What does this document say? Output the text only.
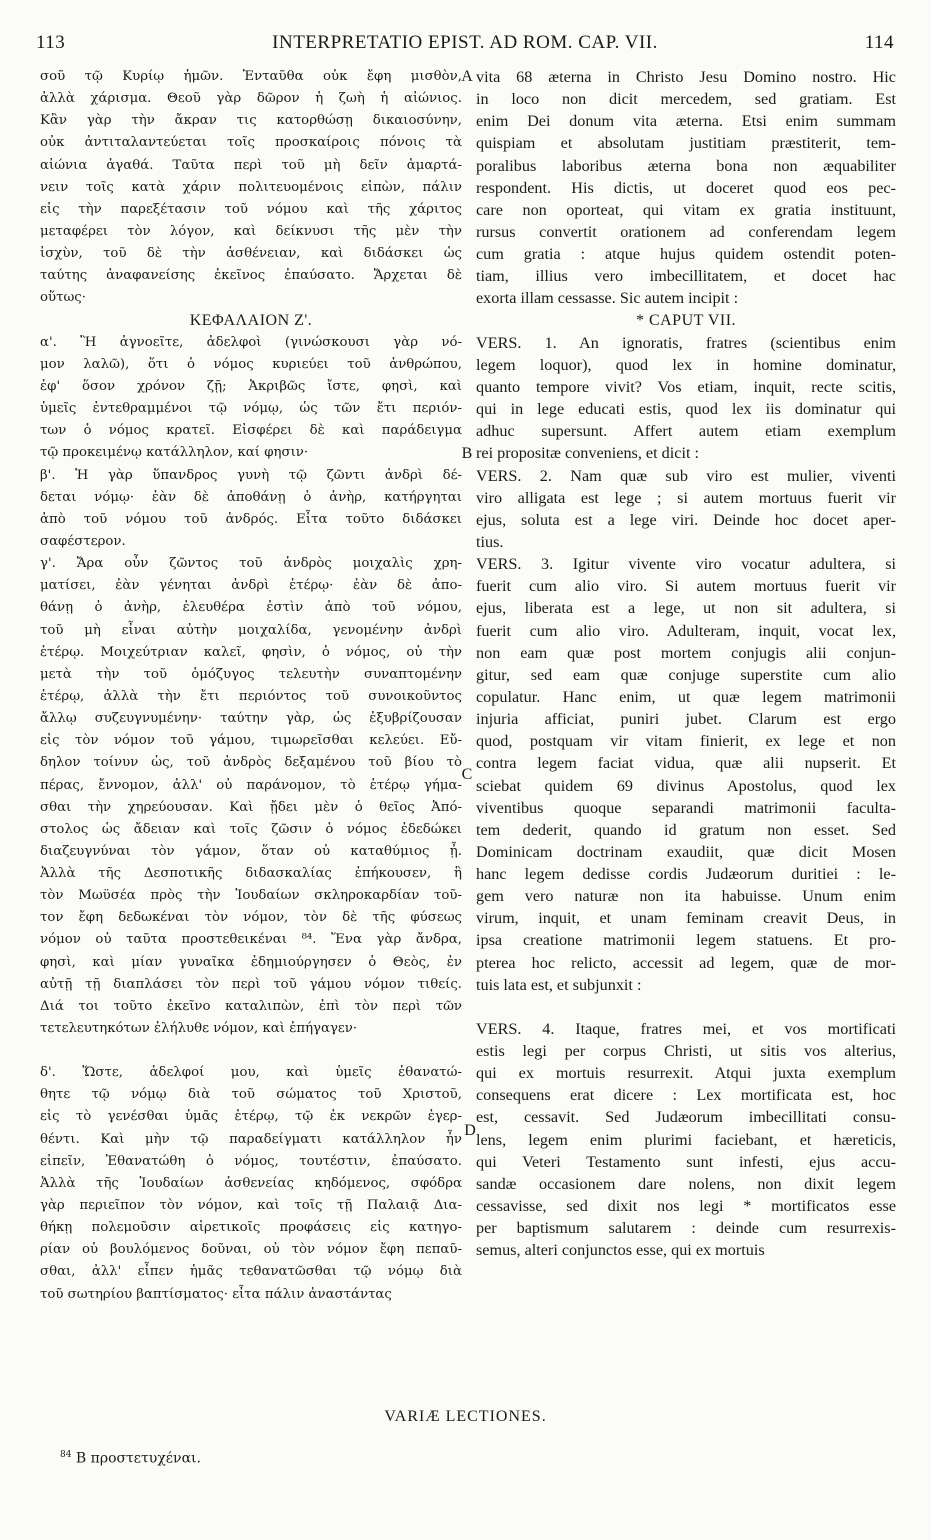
113	INTERPRETATIO EPIST. AD ROM. CAP. VII.	114
σοῦ τῷ Κυρίῳ ἡμῶν. Ἐνταῦθα οὐκ ἔφη μισθὸν,
ἀλλὰ χάρισμα. Θεοῦ γὰρ δῶρον ἡ ζωὴ ἡ αἰώνιος.
Κἂν γὰρ τὴν ἄκραν τις κατορθώσῃ δικαιοσύνην,
οὐκ ἀντιταλαντεύεται τοῖς προσκαίροις πόνοις τὰ
αἰώνια ἀγαθά. Ταῦτα περὶ τοῦ μὴ δεῖν ἁμαρτά-
νειν τοῖς κατὰ χάριν πολιτευομένοις εἰπὼν, πάλιν
εἰς τὴν παρεξέτασιν τοῦ νόμου καὶ τῆς χάριτος
μεταφέρει τὸν λόγον, καὶ δείκνυσι τῆς μὲν τὴν
ἰσχὺν, τοῦ δὲ τὴν ἀσθένειαν, καὶ διδάσκει ὡς
ταύτης ἀναφανείσης ἐκεῖνος ἐπαύσατο. Ἄρχεται δὲ
οὕτως·
ΚΕΦΑΛΑΙΟΝ Ζ'.
α'. Ἢ ἀγνοεῖτε, ἀδελφοὶ (γινώσκουσι γὰρ νό-
μον λαλῶ), ὅτι ὁ νόμος κυριεύει τοῦ ἀνθρώπου,
ἐφ' ὅσον χρόνον ζῇ; Ἀκριβῶς ἴστε, φησὶ, καὶ
ὑμεῖς ἐντεθραμμένοι τῷ νόμῳ, ὡς τῶν ἔτι περιόν-
των ὁ νόμος κρατεῖ. Εἰσφέρει δὲ καὶ παράδειγμα
τῷ προκειμένῳ κατάλληλον, καί φησιν·
β'. Ἡ γὰρ ὕπανδρος γυνὴ τῷ ζῶντι ἀνδρὶ δέ-
δεται νόμῳ· ἐὰν δὲ ἀποθάνῃ ὁ ἀνὴρ, κατήργηται
ἀπὸ τοῦ νόμου τοῦ ἀνδρός. Εἶτα τοῦτο διδάσκει
σαφέστερον.
γ'. Ἄρα οὖν ζῶντος τοῦ ἀνδρὸς μοιχαλὶς χρη-
ματίσει, ἐὰν γένηται ἀνδρὶ ἑτέρῳ· ἐὰν δὲ ἀπο-
θάνῃ ὁ ἀνὴρ, ἐλευθέρα ἐστὶν ἀπὸ τοῦ νόμου,
τοῦ μὴ εἶναι αὐτὴν μοιχαλίδα, γενομένην ἀνδρὶ
ἑτέρῳ. Μοιχεύτριαν καλεῖ, φησὶν, ὁ νόμος, οὐ τὴν
μετὰ τὴν τοῦ ὁμόζυγος τελευτὴν συναπτομένην
ἑτέρῳ, ἀλλὰ τὴν ἔτι περιόντος τοῦ συνοικοῦντος
ἄλλῳ συζευγνυμένην· ταύτην γὰρ, ὡς ἐξυβρίζουσαν
εἰς τὸν νόμον τοῦ γάμου, τιμωρεῖσθαι κελεύει. Εὔ-
δηλον τοίνυν ὡς, τοῦ ἀνδρὸς δεξαμένου τοῦ βίου τὸ
πέρας, ἔννομον, ἀλλ' οὐ παράνομον, τὸ ἑτέρῳ γήμα-
σθαι τὴν χηρεύουσαν. Καὶ ᾔδει μὲν ὁ θεῖος Ἀπό-
στολος ὡς ἄδειαν καὶ τοῖς ζῶσιν ὁ νόμος ἐδεδώκει
διαζευγνύναι τὸν γάμον, ὅταν οὐ καταθύμιος ᾖ.
Ἀλλὰ τῆς Δεσποτικῆς διδασκαλίας ἐπήκουσεν, ἣ
τὸν Μωϋσέα πρὸς τὴν Ἰουδαίων σκληροκαρδίαν τοῦ-
τον ἔφη δεδωκέναι τὸν νόμον, τὸν δὲ τῆς φύσεως
νόμον οὐ ταῦτα προστεθεικέναι ⁸⁴. Ἕνα γὰρ ἄνδρα,
φησὶ, καὶ μίαν γυναῖκα ἐδημιούργησεν ὁ Θεὸς, ἐν
αὐτῇ τῇ διαπλάσει τὸν περὶ τοῦ γάμου νόμον τιθείς.
Διά τοι τοῦτο ἐκεῖνο καταλιπὼν, ἐπὶ τὸν περὶ τῶν
τετελευτηκότων ἐλήλυθε νόμον, καὶ ἐπήγαγεν·
δ'. Ὥστε, ἀδελφοί μου, καὶ ὑμεῖς ἐθανατώ-
θητε τῷ νόμῳ διὰ τοῦ σώματος τοῦ Χριστοῦ,
εἰς τὸ γενέσθαι ὑμᾶς ἑτέρῳ, τῷ ἐκ νεκρῶν ἐγερ-
θέντι. Καὶ μὴν τῷ παραδείγματι κατάλληλον ἦν
εἰπεῖν, Ἐθανατώθη ὁ νόμος, τουτέστιν, ἐπαύσατο.
Ἀλλὰ τῆς Ἰουδαίων ἀσθενείας κηδόμενος, σφόδρα
γὰρ περιεῖπον τὸν νόμον, καὶ τοῖς τῇ Παλαιᾷ Δια-
θήκῃ πολεμοῦσιν αἱρετικοῖς προφάσεις εἰς κατηγο-
ρίαν οὐ βουλόμενος δοῦναι, οὐ τὸν νόμον ἔφη πεπαῦ-
σθαι, ἀλλ' εἶπεν ἡμᾶς τεθανατῶσθαι τῷ νόμῳ διὰ
τοῦ σωτηρίου βαπτίσματος· εἶτα πάλιν ἀναστάντας
vita 68 æterna in Christo Jesu Domino nostro. Hic
in loco non dicit mercedem, sed gratiam. Est
enim Dei donum vita æterna. Etsi enim summam
quispiam et absolutam justitiam præstiterit, tem-
poralibus laboribus æterna bona non æquabiliter
respondent. His dictis, ut doceret quod eos pec-
care non oporteat, qui vitam ex gratia instituunt,
rursus convertit orationem ad conferendam legem
cum gratia : atque hujus quidem ostendit poten-
tiam, illius vero imbecillitatem, et docet hac
exorta illam cessasse. Sic autem incipit :
* CAPUT VII.
VERS. 1. An ignoratis, fratres (scientibus enim
legem loquor), quod lex in homine dominatur,
quanto tempore vivit? Vos etiam, inquit, recte scitis,
qui in lege educati estis, quod lex iis dominatur qui
adhuc supersunt. Affert autem etiam exemplum
rei propositæ conveniens, et dicit :
VERS. 2. Nam quæ sub viro est mulier, viventi
viro alligata est lege ; si autem mortuus fuerit vir
ejus, soluta est a lege viri. Deinde hoc docet aper-
tius.
VERS. 3. Igitur vivente viro vocatur adultera, si
fuerit cum alio viro. Si autem mortuus fuerit vir
ejus, liberata est a lege, ut non sit adultera, si
fuerit cum alio viro. Adulteram, inquit, vocat lex,
non eam quæ post mortem conjugis alii conjun-
gitur, sed eam quæ conjuge superstite cum alio
copulatur. Hanc enim, ut quæ legem matrimonii
injuria afficiat, puniri jubet. Clarum est ergo
quod, postquam vir vitam finierit, ex lege et non
contra legem faciat vidua, quæ alii nupserit. Et
sciebat quidem 69 divinus Apostolus, quod lex
viventibus quoque separandi matrimonii facultа-
tem dederit, quando id gratum non esset. Sed
Dominicam doctrinam exaudiit, quæ dicit Mosen
hanc legem dedisse cordis Judæorum duritiei : le-
gem vero naturæ non ita habuisse. Unum enim
virum, inquit, et unam feminam creavit Deus, in
ipsa creatione matrimonii legem statuens. Et pro-
pterea hoc relicto, accessit ad legem, quæ de mor-
tuis lata est, et subjunxit :
VERS. 4. Itaque, fratres mei, et vos mortificati
estis legi per corpus Christi, ut sitis vos alterius,
qui ex mortuis resurrexit. Atqui juxta exemplum
consequens erat dicere : Lex mortificata est, hoc
est, cessavit. Sed Judæorum imbecillitati consu-
lens, legem enim plurimi faciebant, et hæreticis,
qui Veteri Testamento sunt infesti, ejus accu-
sandæ occasionem dare nolens, non dixit legem
cessavisse, sed dixit nos legi * mortificatos esse
per baptismum salutarem : deinde cum resurrexis-
semus, alteri conjunctos esse, qui ex mortuis
A
B
C
D
VARIÆ LECTIONES.
$^{84}$ B προστετυχέναι.
